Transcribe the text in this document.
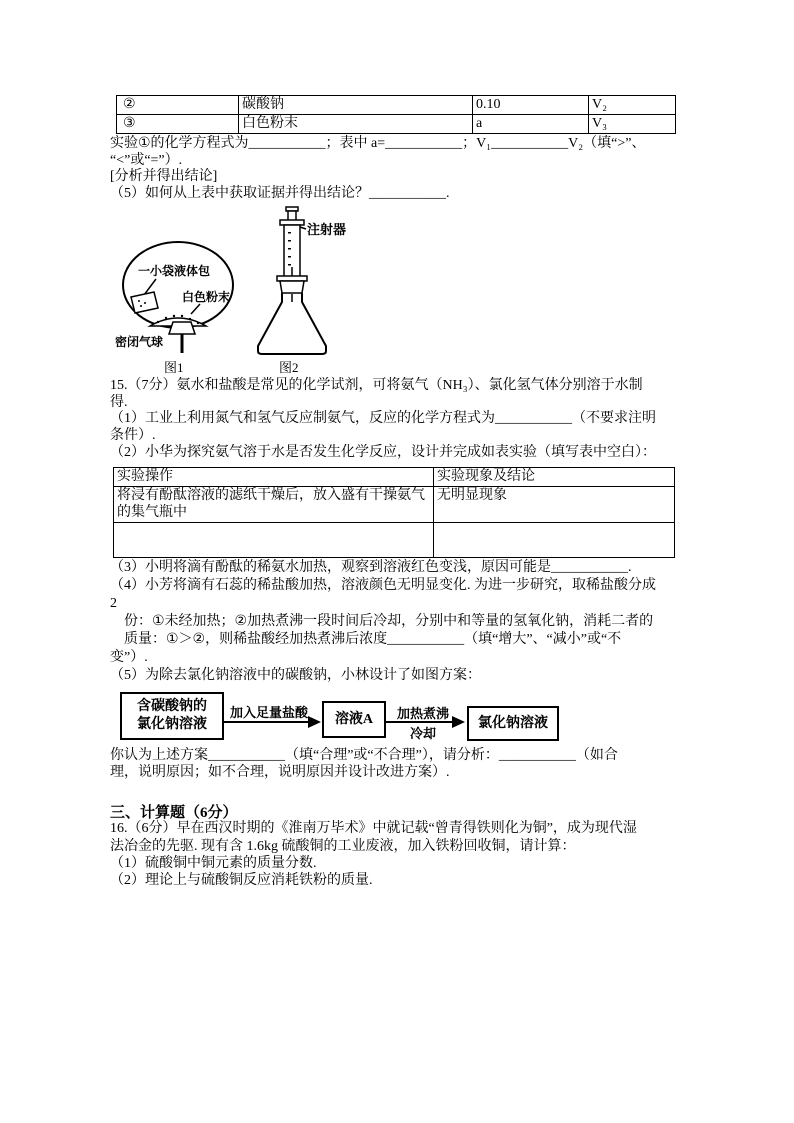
②	碳酸钠	0.10	V₂
③	白色粉末	a	V₃
实验①的化学方程式为___________；表中 a=___________；V₁___________V₂（填“>”、
“<”或“=”）.
[分析并得出结论]
（5）如何从上表中获取证据并得出结论？___________.
一小袋液体包
白色粉末
密闭气球
图1
注射器
图2
15.（7分）氨水和盐酸是常见的化学试剂，可将氨气（NH₃）、氯化氢气体分别溶于水制
得.
（1）工业上利用氮气和氢气反应制氨气，反应的化学方程式为___________（不要求注明
条件）.
（2）小华为探究氨气溶于水是否发生化学反应，设计并完成如表实验（填写表中空白）：
实验操作	实验现象及结论
将浸有酚酞溶液的滤纸干燥后，放入盛有干操氨气的集气瓶中	无明显现象

（3）小明将滴有酚酞的稀氨水加热，观察到溶液红色变浅，原因可能是___________.
（4）小芳将滴有石蕊的稀盐酸加热，溶液颜色无明显变化. 为进一步研究，取稀盐酸分成
2
　份：①未经加热；②加热煮沸一段时间后冷却，分别中和等量的氢氧化钠，消耗二者的
　质量：①＞②，则稀盐酸经加热煮沸后浓度___________（填“增大”、“减小”或“不
变”）.
（5）为除去氯化钠溶液中的碳酸钠，小林设计了如图方案：
含碳酸钠的
氯化钠溶液
加入足量盐酸 溶液A	加热煮沸
冷却
氯化钠溶液
你认为上述方案___________（填“合理”或“不合理”），请分析：___________（如合
理，说明原因；如不合理，说明原因并设计改进方案）.
三、计算题（6分）
16.（6分）早在西汉时期的《淮南万毕术》中就记载“曾青得铁则化为铜”，成为现代湿
法冶金的先驱. 现有含 1.6kg 硫酸铜的工业废液，加入铁粉回收铜，请计算：
（1）硫酸铜中铜元素的质量分数.
（2）理论上与硫酸铜反应消耗铁粉的质量.
